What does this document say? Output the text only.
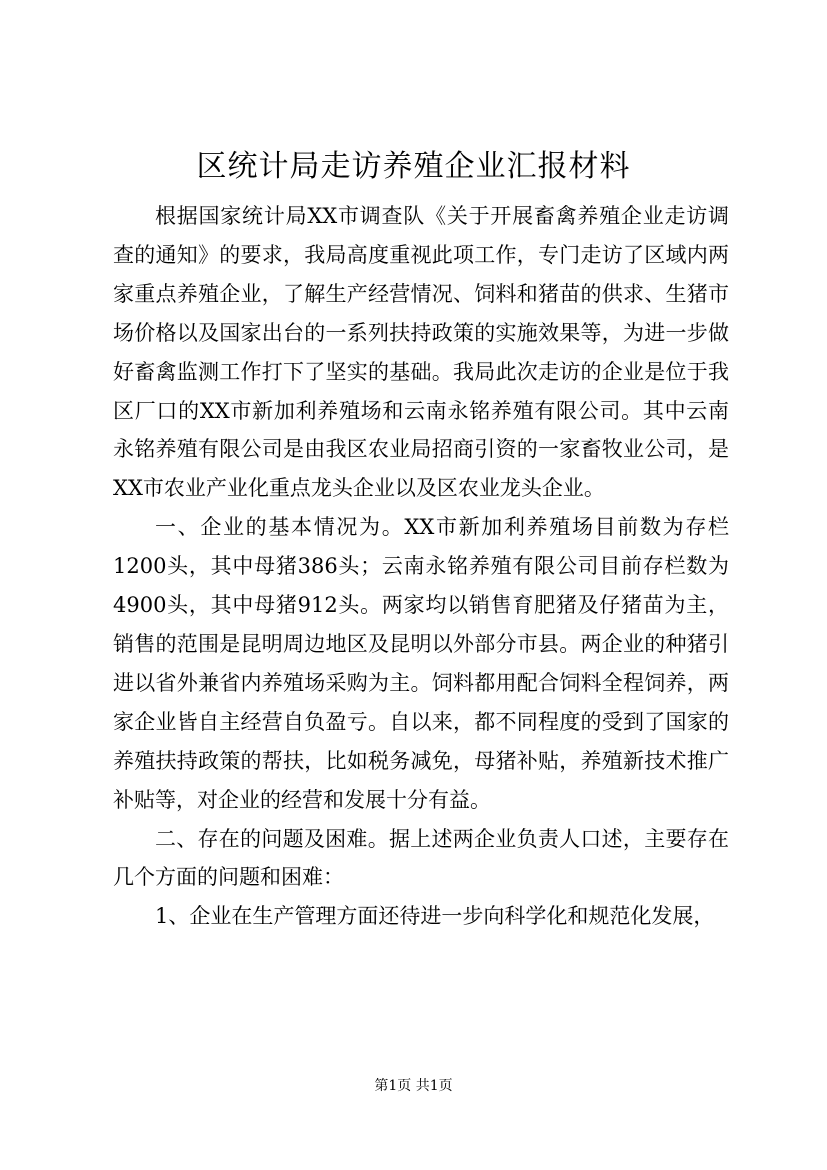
区统计局走访养殖企业汇报材料

根据国家统计局XX市调查队《关于开展畜禽养殖企业走访调查的通知》的要求，我局高度重视此项工作，专门走访了区域内两家重点养殖企业，了解生产经营情况、饲料和猪苗的供求、生猪市场价格以及国家出台的一系列扶持政策的实施效果等，为进一步做好畜禽监测工作打下了坚实的基础。我局此次走访的企业是位于我区厂口的XX市新加利养殖场和云南永铭养殖有限公司。其中云南永铭养殖有限公司是由我区农业局招商引资的一家畜牧业公司，是XX市农业产业化重点龙头企业以及区农业龙头企业。

一、企业的基本情况为。XX市新加利养殖场目前数为存栏1200头，其中母猪386头；云南永铭养殖有限公司目前存栏数为4900头，其中母猪912头。两家均以销售育肥猪及仔猪苗为主，销售的范围是昆明周边地区及昆明以外部分市县。两企业的种猪引进以省外兼省内养殖场采购为主。饲料都用配合饲料全程饲养，两家企业皆自主经营自负盈亏。自以来，都不同程度的受到了国家的养殖扶持政策的帮扶，比如税务减免，母猪补贴，养殖新技术推广补贴等，对企业的经营和发展十分有益。

二、存在的问题及困难。据上述两企业负责人口述，主要存在几个方面的问题和困难：

1、企业在生产管理方面还待进一步向科学化和规范化发展，

第1页 共1页
